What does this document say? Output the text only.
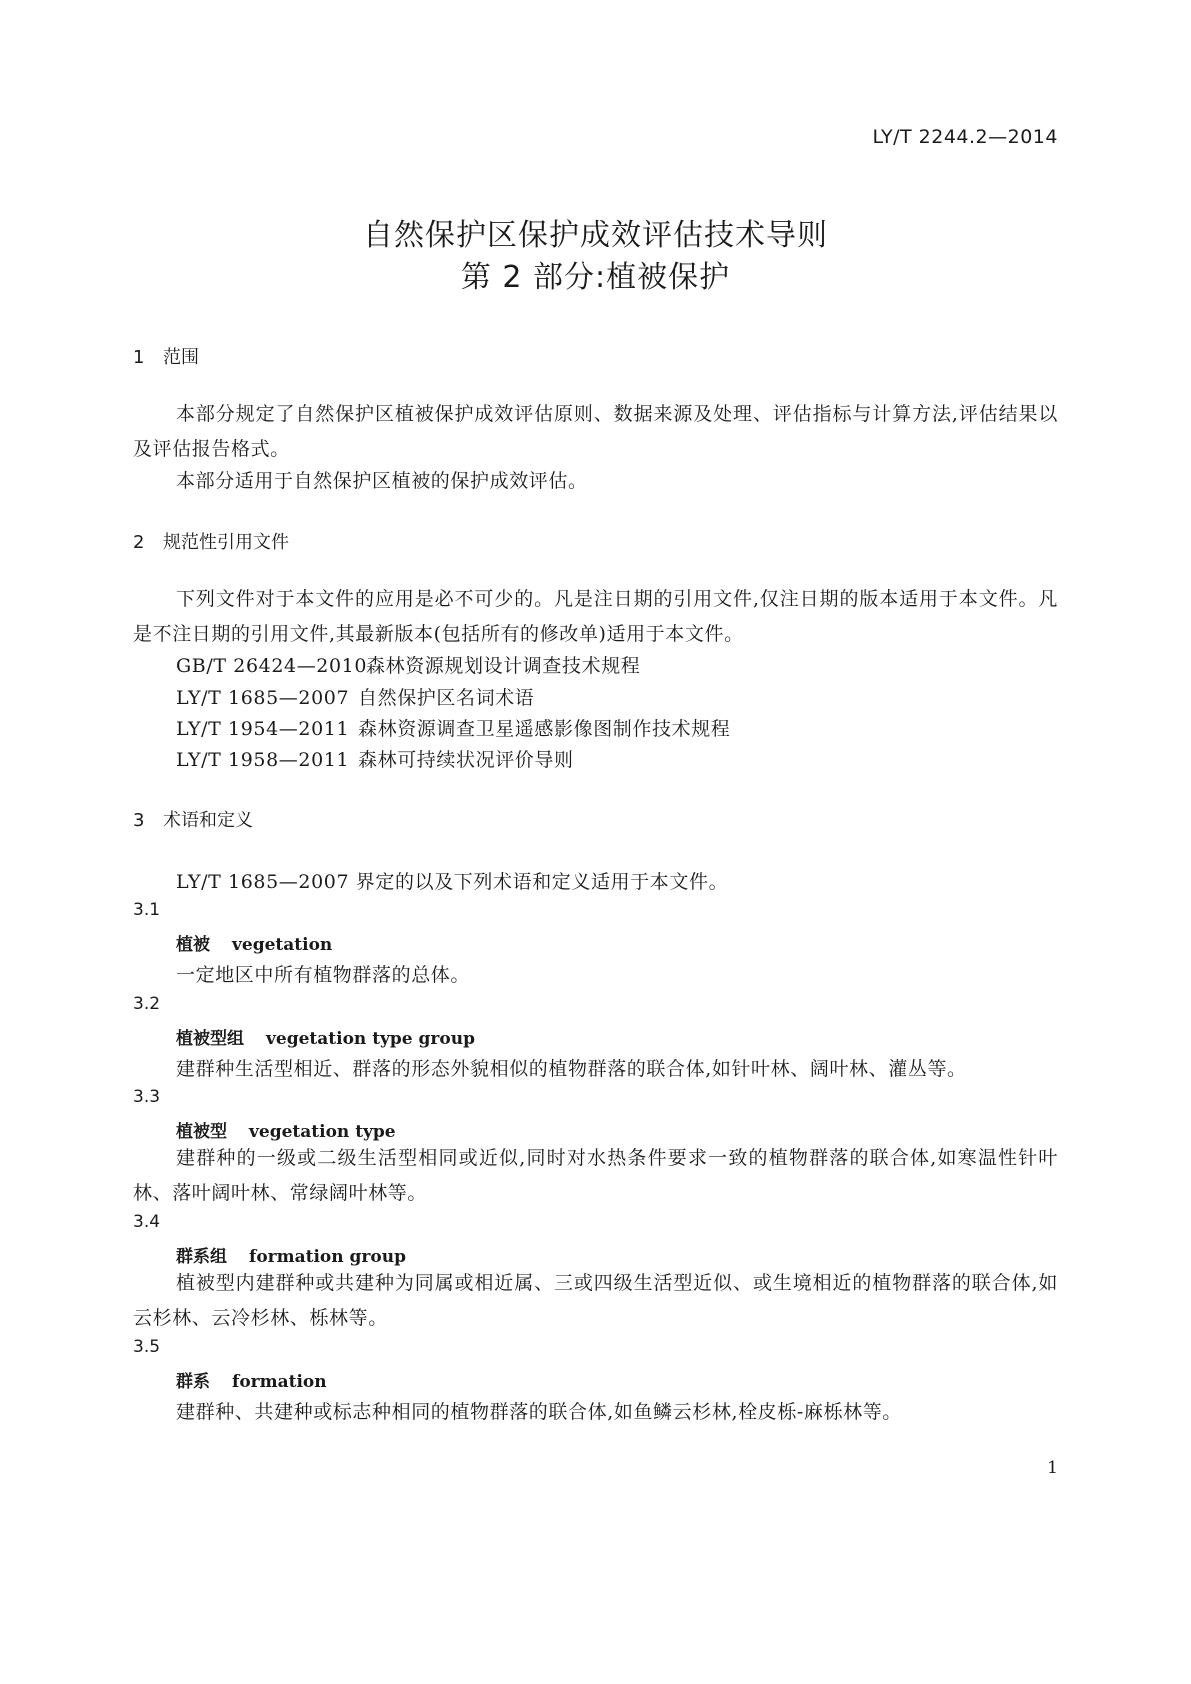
LY/T 2244.2—2014
自然保护区保护成效评估技术导则
第 2 部分:植被保护
1 范围
本部分规定了自然保护区植被保护成效评估原则、数据来源及处理、评估指标与计算方法,评估结果以及评估报告格式。
本部分适用于自然保护区植被的保护成效评估。
2 规范性引用文件
下列文件对于本文件的应用是必不可少的。凡是注日期的引用文件,仅注日期的版本适用于本文件。凡是不注日期的引用文件,其最新版本(包括所有的修改单)适用于本文件。
GB/T 26424—2010森林资源规划设计调查技术规程
LY/T 1685—2007 自然保护区名词术语
LY/T 1954—2011 森林资源调查卫星遥感影像图制作技术规程
LY/T 1958—2011 森林可持续状况评价导则
3 术语和定义
LY/T 1685—2007 界定的以及下列术语和定义适用于本文件。
3.1
植被 vegetation
一定地区中所有植物群落的总体。
3.2
植被型组 vegetation type group
建群种生活型相近、群落的形态外貌相似的植物群落的联合体,如针叶林、阔叶林、灌丛等。
3.3
植被型 vegetation type
建群种的一级或二级生活型相同或近似,同时对水热条件要求一致的植物群落的联合体,如寒温性针叶林、落叶阔叶林、常绿阔叶林等。
3.4
群系组 formation group
植被型内建群种或共建种为同属或相近属、三或四级生活型近似、或生境相近的植物群落的联合体,如云杉林、云冷杉林、栎林等。
3.5
群系 formation
建群种、共建种或标志种相同的植物群落的联合体,如鱼鳞云杉林,栓皮栎-麻栎林等。
1
